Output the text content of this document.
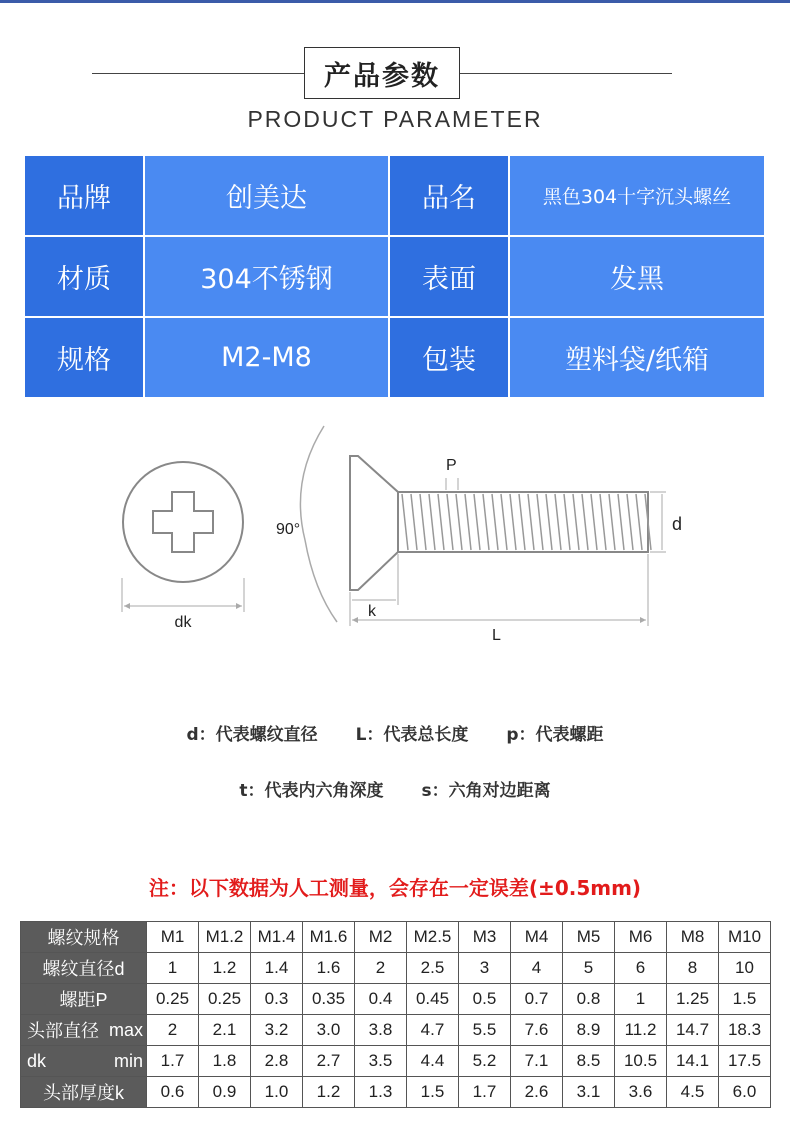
产品参数
PRODUCT PARAMETER
品牌	创美达	品名	黑色304十字沉头螺丝
材质	304不锈钢	表面	发黑
规格	M2-M8	包装	塑料袋/纸箱
dk
90°
P
d
k
L
d：代表螺纹直径 L：代表总长度 p：代表螺距
t：代表内六角深度 s：六角对边距离
注：以下数据为人工测量，会存在一定误差(±0.5mm)
螺纹规格	M1	M1.2	M1.4	M1.6	M2	M2.5	M3	M4	M5	M6	M8	M10
螺纹直径d	1	1.2	1.4	1.6	2	2.5	3	4	5	6	8	10
螺距P	0.25	0.25	0.3	0.35	0.4	0.45	0.5	0.7	0.8	1	1.25	1.5

头部直径 max	2	2.1	3.2	3.0	3.8	4.7	5.5	7.6	8.9	11.2	14.7	18.3

dk min	1.7	1.8	2.8	2.7	3.5	4.4	5.2	7.1	8.5	10.5	14.1	17.5
头部厚度k	0.6	0.9	1.0	1.2	1.3	1.5	1.7	2.6	3.1	3.6	4.5	6.0
